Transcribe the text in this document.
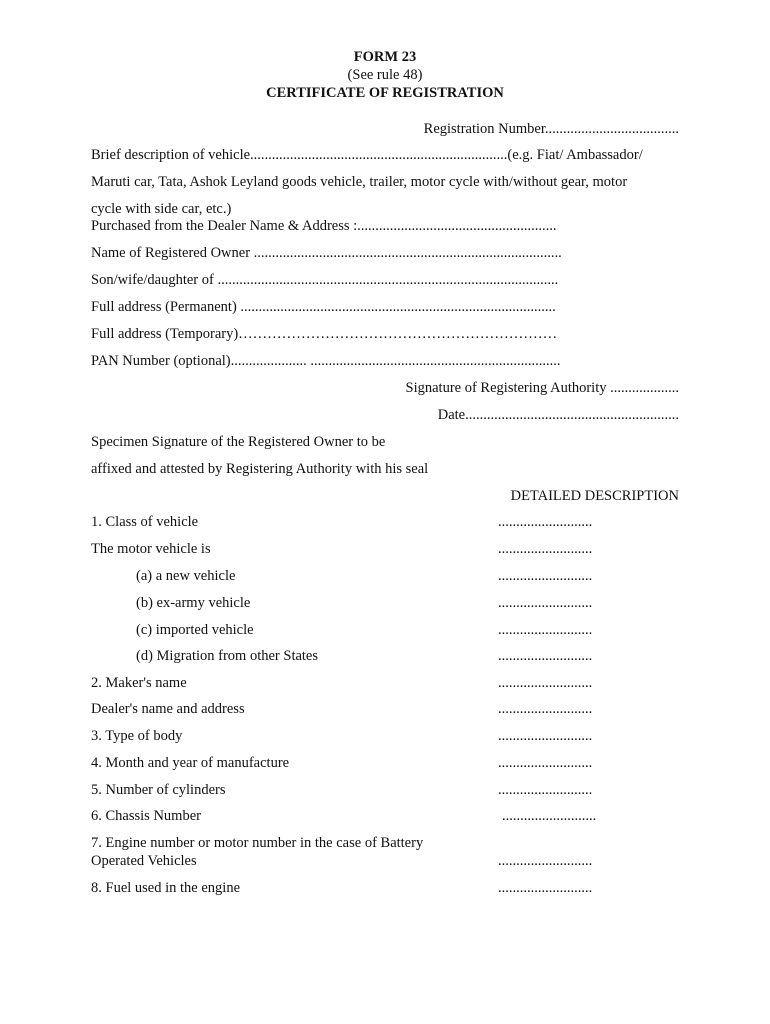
FORM 23
(See rule 48)
CERTIFICATE OF REGISTRATION
Registration Number.....................................
Brief description of vehicle.......................................................................(e.g. Fiat/ Ambassador/
Maruti car, Tata, Ashok Leyland goods vehicle, trailer, motor cycle with/without gear, motor
cycle with side car, etc.)
Purchased from the Dealer Name & Address :.......................................................
Name of Registered Owner .....................................................................................
Son/wife/daughter of ..............................................................................................
Full address (Permanent) .......................................................................................
Full address (Temporary)…………………………………………………………
PAN Number (optional)..................... .....................................................................
Signature of Registering Authority ...................
Date...........................................................
Specimen Signature of the Registered Owner to be
affixed and attested by Registering Authority with his seal
DETAILED DESCRIPTION
1. Class of vehicle	..........................
The motor vehicle is	..........................
(a) a new vehicle	..........................
(b) ex-army vehicle	..........................
(c) imported vehicle	..........................
(d) Migration from other States	..........................
2. Maker's name	..........................
Dealer's name and address	..........................
3. Type of body	..........................
4. Month and year of manufacture	..........................
5. Number of cylinders	..........................
6. Chassis Number	..........................
7. Engine number or motor number in the case of Battery
Operated Vehicles	..........................
8. Fuel used in the engine	..........................
